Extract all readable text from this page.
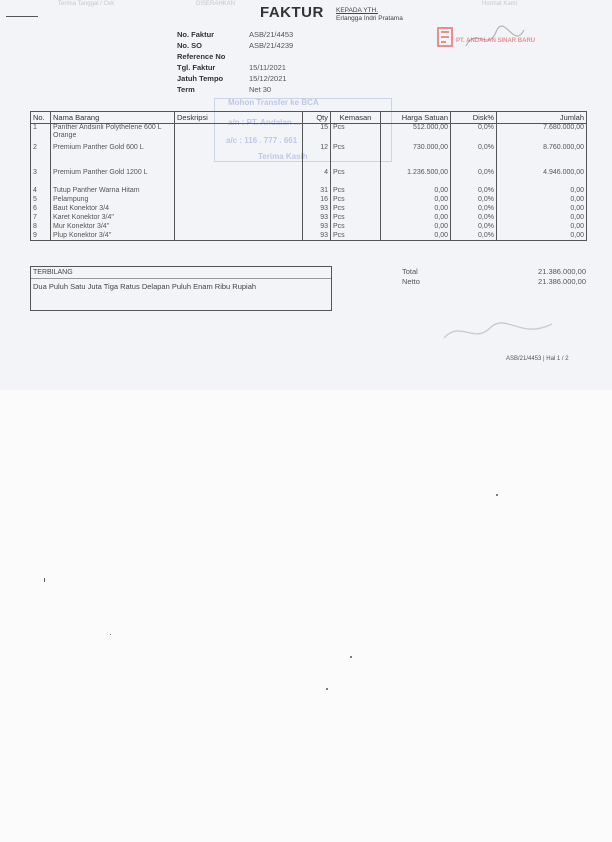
Terima Tanggal / Cek	DISERAHKAN	Hormat Kami
FAKTUR KEPADA YTH.
Erlangga Indri Pratama
PT. ANDALAN SINAR BARU
No. Faktur	ASB/21/4453
No. SO	ASB/21/4239
Reference No
Tgl. Faktur	15/11/2021
Jatuh Tempo	15/12/2021
Term	Net 30
Mohon Transfer ke BCA
a/n : PT. Andalan ...
a/c : 116 . 777 . 661
Terima Kasih
No.	Nama Barang	Deskripsi	Qty	Kemasan	Harga Satuan	Disk%	Jumlah
1	Panther Andsinli Polythelene 600 L Orange		15	Pcs	512.000,00	0,0%	7.680.000,00
2	Premium Panther Gold 600 L		12	Pcs	730.000,00	0,0%	8.760.000,00
3	Premium Panther Gold 1200 L		4	Pcs	1.236.500,00	0,0%	4.946.000,00
4	Tutup Panther Warna Hitam		31	Pcs	0,00	0,0%	0,00
5	Pelampung		16	Pcs	0,00	0,0%	0,00
6	Baut Konektor 3/4		93	Pcs	0,00	0,0%	0,00
7	Karet Konektor 3/4"		93	Pcs	0,00	0,0%	0,00
8	Mur Konektor 3/4"		93	Pcs	0,00	0,0%	0,00
9	Plup Konektor 3/4"		93	Pcs	0,00	0,0%	0,00
TERBILANG
Dua Puluh Satu Juta Tiga Ratus Delapan Puluh Enam Ribu Rupiah
Total	21.386.000,00
Netto	21.386.000,00
ASB/21/4453 | Hal 1 / 2
